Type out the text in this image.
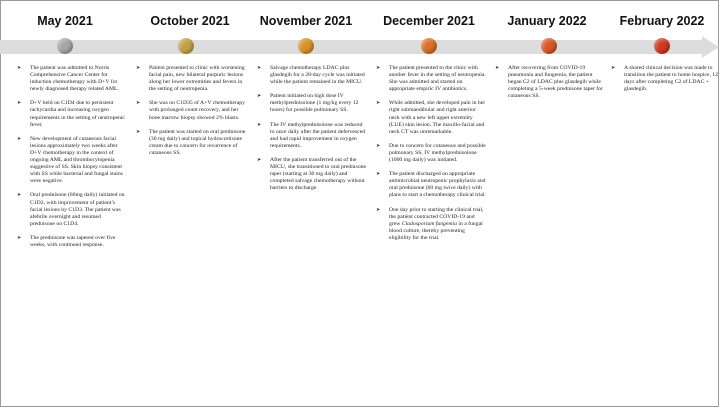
May 2021
➤ The patient was admitted to Norris Comprehensive Cancer Center for induction chemotherapy with D+V for newly diagnosed therapy related AML.
➤ D+V held on C1D4 due to persistent tachycardia and increasing oxygen requirements in the setting of neutropenic fever.
➤ New development of cutaneous facial lesions approximately two weeks after D+V chemotherapy in the context of ongoing AML and thrombocytopenia suggestive of SS. Skin biopsy consistent with SS while bacterial and fungal stains were negative.
➤ Oral prednisone (60mg daily) initiated on C1D2, with improvement of patient’s facial lesions by C1D3. The patient was afebrile overnight and resumed prednisone on C1D4.
➤ The prednisone was tapered over five weeks, with continued response.
October 2021
➤ Patient presented to clinic with worsening facial pain, new bilateral purpuric lesions along her lower extremities and fevers in the setting of neutropenia.
➤ She was on C1D35 of A+V chemotherapy with prolonged count recovery, and her bone marrow biopsy showed 2% blasts.
➤ The patient was started on oral prednisone (30 mg daily) and topical hydrocortisone cream due to concern for recurrence of cutaneous SS.
November 2021
➤ Salvage chemotherapy LDAC plus glasdegib for a 28-day cycle was initiated while the patient remained in the MICU.
➤ Patient initiated on high dose IV methylprednisolone (1 mg/kg every 12 hours) for possible pulmonary SS.
➤ The IV methylprednisolone was reduced to once daily after the patient defervesced and had rapid improvement in oxygen requirements.
➤ After the patient transferred out of the MICU, she transitioned to oral prednisone taper (starting at 30 mg daily) and completed salvage chemotherapy without barriers to discharge.
December 2021
➤ The patient presented to the clinic with another fever in the setting of neutropenia. She was admitted and started on appropriate empiric IV antibiotics.
➤ While admitted, she developed pain in her right submandibular and right anterior neck with a new left upper extremity (LUE) skin lesion. The maxillo-facial and neck CT was unremarkable.
➤ Due to concern for cutaneous and possible pulmonary SS, IV methylprednisolone (1000 mg daily) was initiated.
➤ The patient discharged on appropriate antimicrobial neutropenic prophylaxis and oral prednisone (60 mg twice daily) with plans to start a chemotherapy clinical trial.
➤ One day prior to starting the clinical trial, the patient contracted COVID-19 and grew Cladosporium fungemia in a fungal blood culture, thereby preventing eligibility for the trial.
January 2022
➤ After recovering from COVID-19 pneumonia and fungemia, the patient began C2 of LDAC plus glasdegib while completing a 5-week prednisone taper for cutaneous SS.
February 2022
➤ A shared clinical decision was made to transition the patient to home hospice, 12 days after completing C2 of LDAC + glasdegib.
